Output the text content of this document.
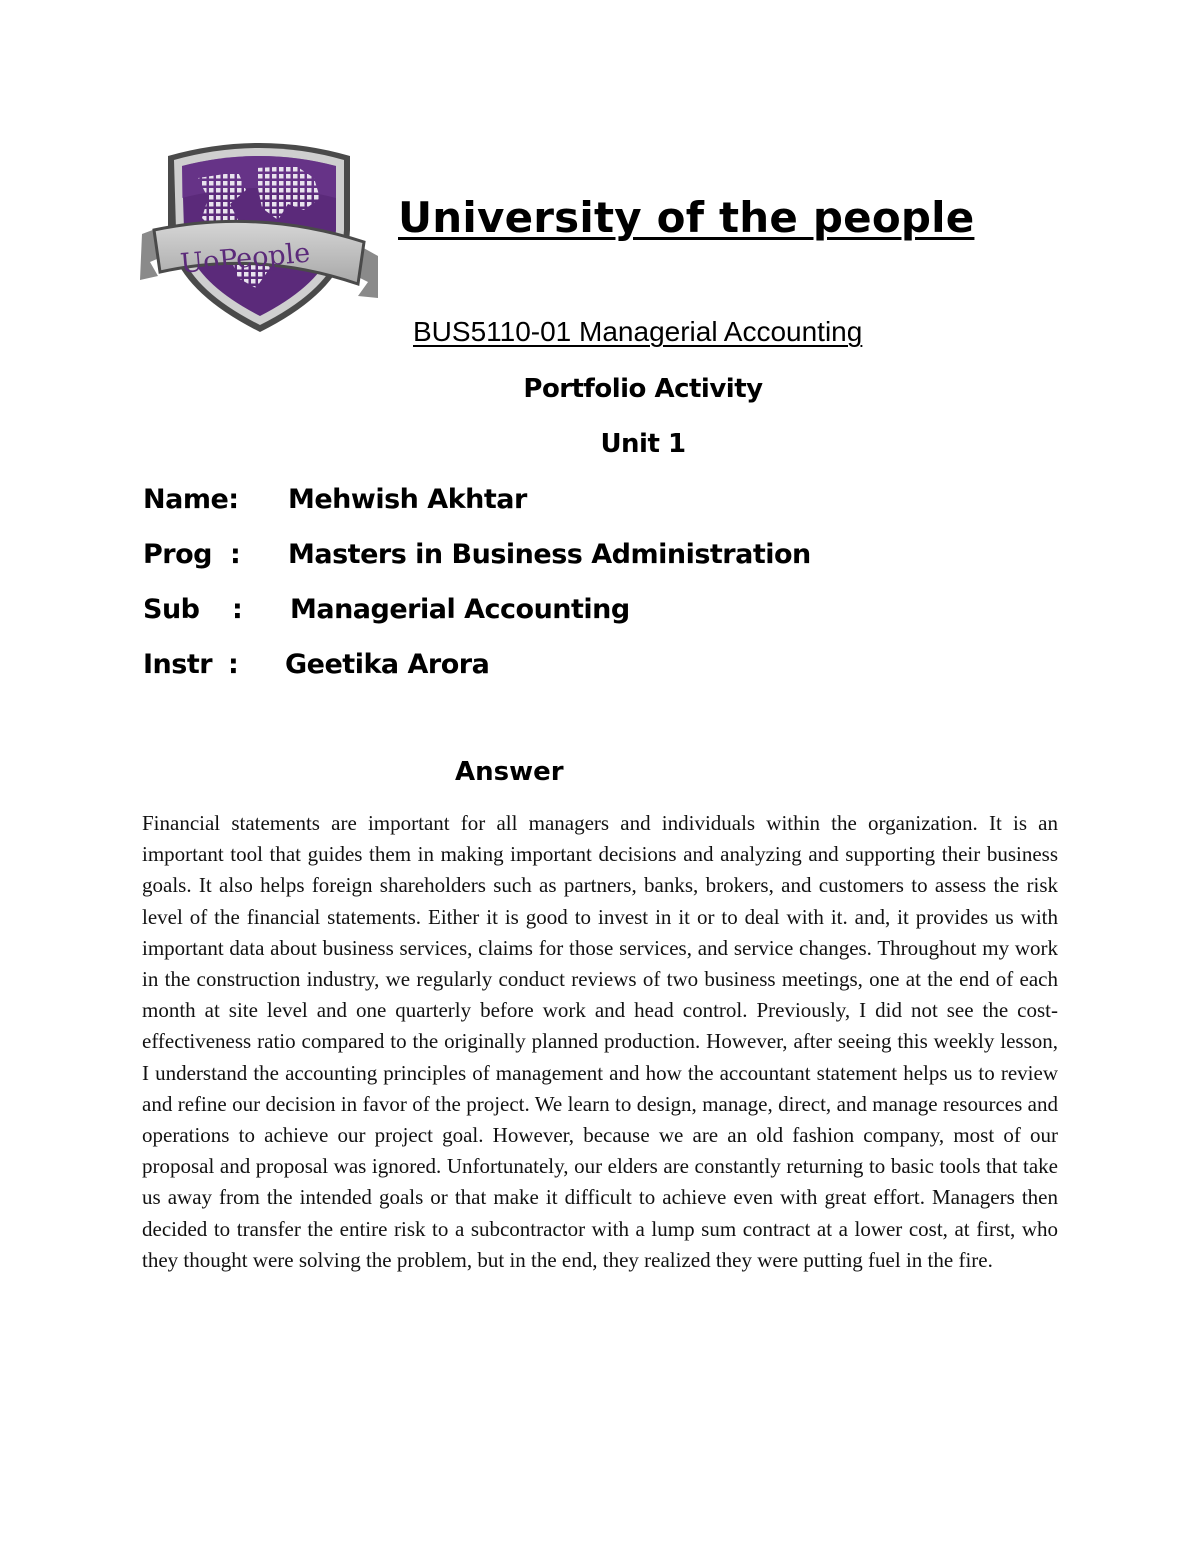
UoPeople
University of the people
BUS5110-01 Managerial Accounting
Portfolio Activity
Unit 1
Name: Mehwish Akhtar
Prog : Masters in Business Administration
Sub : Managerial Accounting
Instr : Geetika Arora
Answer

Financial statements are important for all managers and individuals within the organization. It is an important tool that guides them in making important decisions and analyzing and supporting their business goals. It also helps foreign shareholders such as partners, banks, brokers, and customers to assess the risk level of the financial statements. Either it is good to invest in it or to deal with it. and, it provides us with important data about business services, claims for those services, and service changes. Throughout my work in the construction industry, we regularly conduct reviews of two business meetings, one at the end of each month at site level and one quarterly before work and head control. Previously, I did not see the cost-effectiveness ratio compared to the originally planned production. However, after seeing this weekly lesson, I understand the accounting principles of management and how the accountant statement helps us to review and refine our decision in favor of the project. We learn to design, manage, direct, and manage resources and operations to achieve our project goal. However, because we are an old fashion company, most of our proposal and proposal was ignored. Unfortunately, our elders are constantly returning to basic tools that take us away from the intended goals or that make it difficult to achieve even with great effort. Managers then decided to transfer the entire risk to a subcontractor with a lump sum contract at a lower cost, at first, who they thought were solving the problem, but in the end, they realized they were putting fuel in the fire.
